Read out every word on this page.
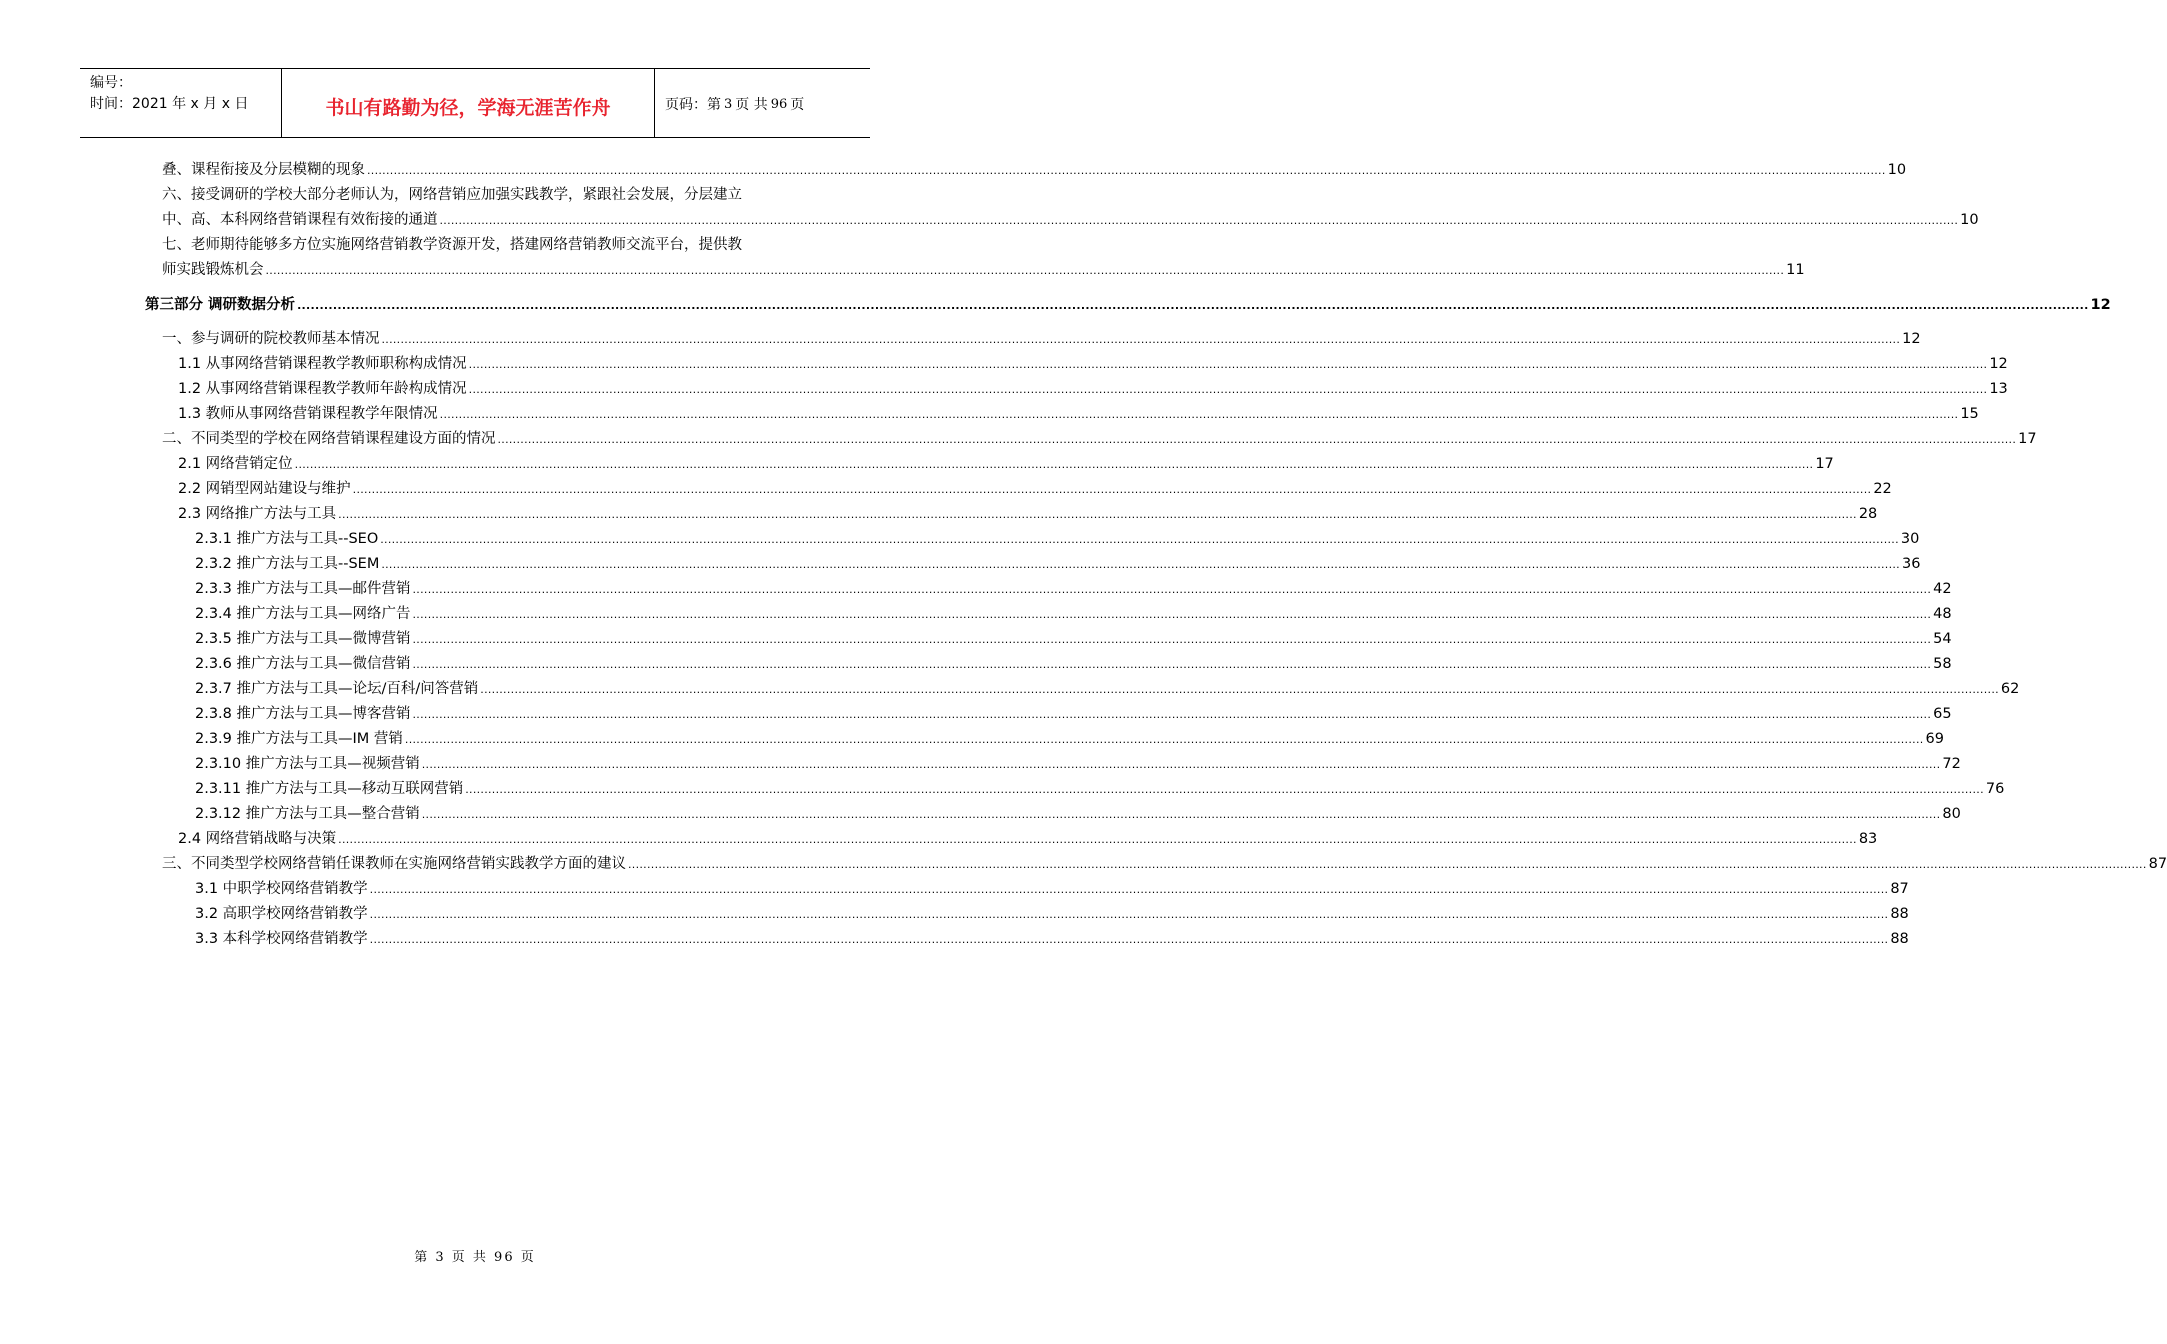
编号：
时间：2021 年 x 月 x 日	书山有路勤为径，学海无涯苦作舟	页码：第 3 页 共 96 页
叠、课程衔接及分层模糊的现象 ................................................................................................................................................................................................................................................................................................................................................................................................................ 10
六、接受调研的学校大部分老师认为，网络营销应加强实践教学，紧跟社会发展，分层建立
中、高、本科网络营销课程有效衔接的通道 ................................................................................................................................................................................................................................................................................................................................................................................................................ 10
七、老师期待能够多方位实施网络营销教学资源开发，搭建网络营销教师交流平台，提供教
师实践锻炼机会 ................................................................................................................................................................................................................................................................................................................................................................................................................ 11
第三部分 调研数据分析 ................................................................................................................................................................................................................................................................................................................................................................................................................ 12
一、参与调研的院校教师基本情况 ................................................................................................................................................................................................................................................................................................................................................................................................................ 12
1.1 从事网络营销课程教学教师职称构成情况 ................................................................................................................................................................................................................................................................................................................................................................................................................ 12
1.2 从事网络营销课程教学教师年龄构成情况 ................................................................................................................................................................................................................................................................................................................................................................................................................ 13
1.3 教师从事网络营销课程教学年限情况 ................................................................................................................................................................................................................................................................................................................................................................................................................ 15
二、不同类型的学校在网络营销课程建设方面的情况 ................................................................................................................................................................................................................................................................................................................................................................................................................ 17
2.1 网络营销定位 ................................................................................................................................................................................................................................................................................................................................................................................................................ 17
2.2 网销型网站建设与维护 ................................................................................................................................................................................................................................................................................................................................................................................................................ 22
2.3 网络推广方法与工具 ................................................................................................................................................................................................................................................................................................................................................................................................................ 28
2.3.1 推广方法与工具--SEO ................................................................................................................................................................................................................................................................................................................................................................................................................ 30
2.3.2 推广方法与工具--SEM ................................................................................................................................................................................................................................................................................................................................................................................................................ 36
2.3.3 推广方法与工具—邮件营销 ................................................................................................................................................................................................................................................................................................................................................................................................................ 42
2.3.4 推广方法与工具—网络广告 ................................................................................................................................................................................................................................................................................................................................................................................................................ 48
2.3.5 推广方法与工具—微博营销 ................................................................................................................................................................................................................................................................................................................................................................................................................ 54
2.3.6 推广方法与工具—微信营销 ................................................................................................................................................................................................................................................................................................................................................................................................................ 58
2.3.7 推广方法与工具—论坛/百科/问答营销 ................................................................................................................................................................................................................................................................................................................................................................................................................ 62
2.3.8 推广方法与工具—博客营销 ................................................................................................................................................................................................................................................................................................................................................................................................................ 65
2.3.9 推广方法与工具—IM 营销 ................................................................................................................................................................................................................................................................................................................................................................................................................ 69
2.3.10 推广方法与工具—视频营销 ................................................................................................................................................................................................................................................................................................................................................................................................................ 72
2.3.11 推广方法与工具—移动互联网营销 ................................................................................................................................................................................................................................................................................................................................................................................................................ 76
2.3.12 推广方法与工具—整合营销 ................................................................................................................................................................................................................................................................................................................................................................................................................ 80
2.4 网络营销战略与决策 ................................................................................................................................................................................................................................................................................................................................................................................................................ 83
三、不同类型学校网络营销任课教师在实施网络营销实践教学方面的建议 ................................................................................................................................................................................................................................................................................................................................................................................................................ 87
3.1 中职学校网络营销教学 ................................................................................................................................................................................................................................................................................................................................................................................................................ 87
3.2 高职学校网络营销教学 ................................................................................................................................................................................................................................................................................................................................................................................................................ 88
3.3 本科学校网络营销教学 ................................................................................................................................................................................................................................................................................................................................................................................................................ 88
第 3 页 共 96 页
